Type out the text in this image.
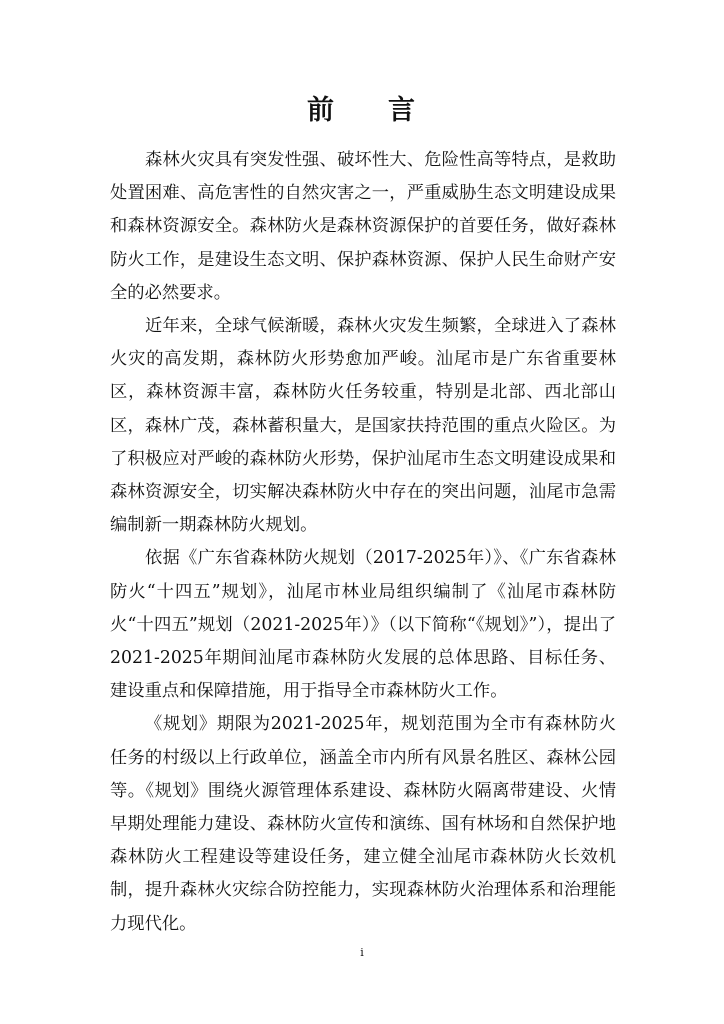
前 言

森林火灾具有突发性强、破坏性大、危险性高等特点，是救助处置困难、高危害性的自然灾害之一，严重威胁生态文明建设成果和森林资源安全。森林防火是森林资源保护的首要任务，做好森林防火工作，是建设生态文明、保护森林资源、保护人民生命财产安全的必然要求。

近年来，全球气候渐暖，森林火灾发生频繁，全球进入了森林火灾的高发期，森林防火形势愈加严峻。汕尾市是广东省重要林区，森林资源丰富，森林防火任务较重，特别是北部、西北部山区，森林广茂，森林蓄积量大，是国家扶持范围的重点火险区。为了积极应对严峻的森林防火形势，保护汕尾市生态文明建设成果和森林资源安全，切实解决森林防火中存在的突出问题，汕尾市急需编制新一期森林防火规划。

依据《广东省森林防火规划（2017-2025年）》、《广东省森林防火“十四五”规划》，汕尾市林业局组织编制了《汕尾市森林防火“十四五”规划（2021-2025年）》（以下简称“《规划》”），提出了2021-2025年期间汕尾市森林防火发展的总体思路、目标任务、建设重点和保障措施，用于指导全市森林防火工作。

《规划》期限为2021-2025年，规划范围为全市有森林防火任务的村级以上行政单位，涵盖全市内所有风景名胜区、森林公园等。《规划》围绕火源管理体系建设、森林防火隔离带建设、火情早期处理能力建设、森林防火宣传和演练、国有林场和自然保护地森林防火工程建设等建设任务，建立健全汕尾市森林防火长效机制，提升森林火灾综合防控能力，实现森林防火治理体系和治理能力现代化。

i
